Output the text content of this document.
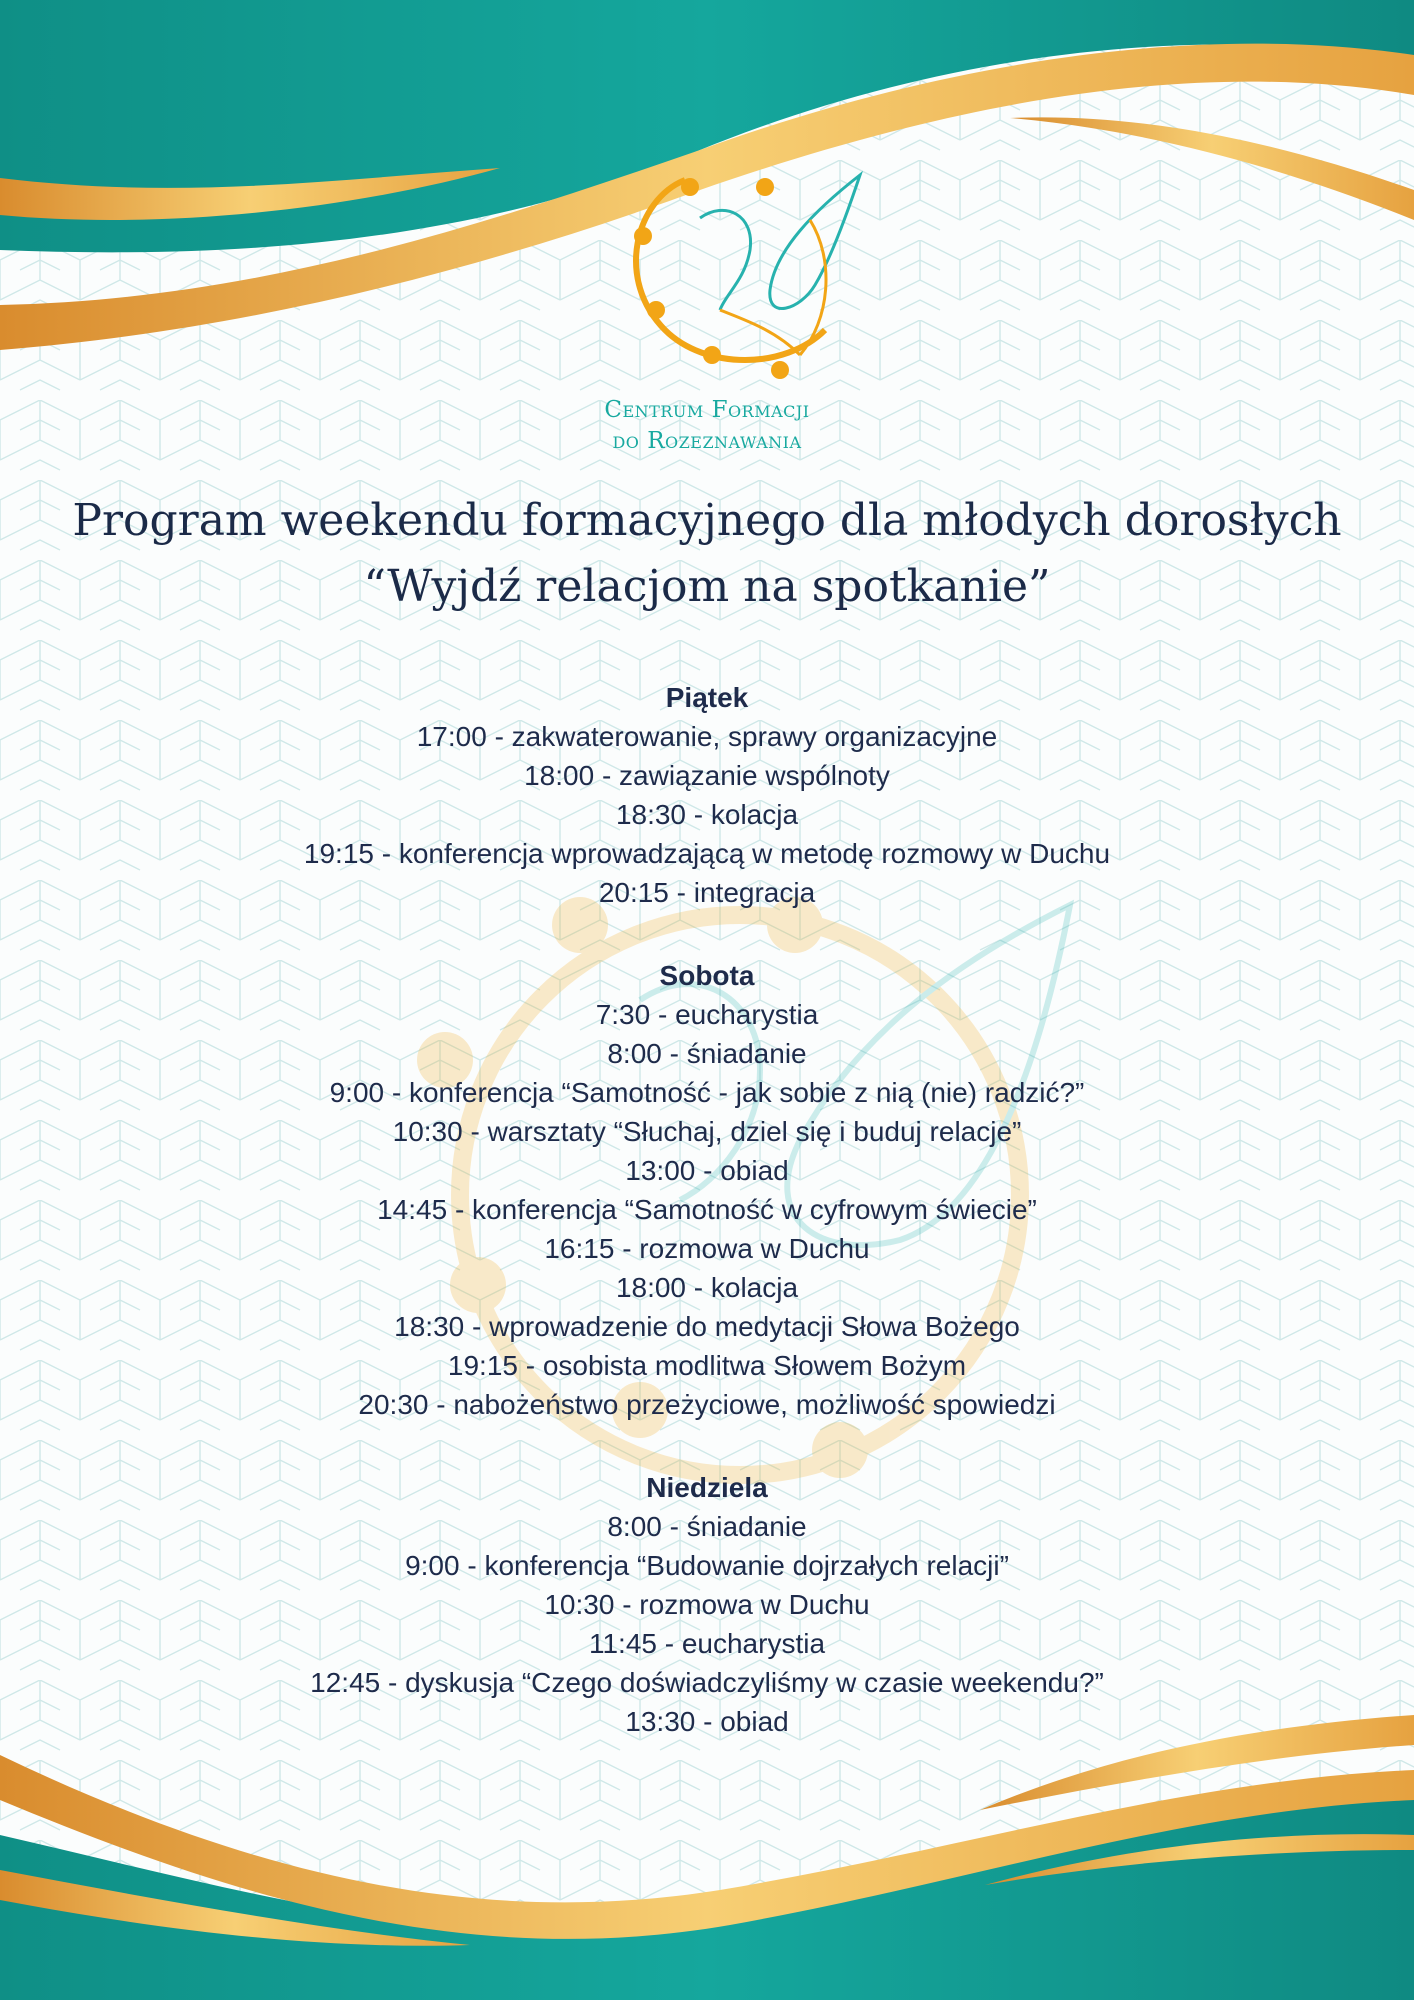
Centrum Formacji
do Rozeznawania
Program weekendu formacyjnego dla młodych dorosłych
“Wyjdź relacjom na spotkanie”
Piątek
17:00 - zakwaterowanie, sprawy organizacyjne
18:00 - zawiązanie wspólnoty
18:30 - kolacja
19:15 - konferencja wprowadzającą w metodę rozmowy w Duchu
20:15 - integracja
Sobota
7:30 - eucharystia
8:00 - śniadanie
9:00 - konferencja “Samotność - jak sobie z nią (nie) radzić?”
10:30 - warsztaty “Słuchaj, dziel się i buduj relacje”
13:00 - obiad
14:45 - konferencja “Samotność w cyfrowym świecie”
16:15 - rozmowa w Duchu
18:00 - kolacja
18:30 - wprowadzenie do medytacji Słowa Bożego
19:15 - osobista modlitwa Słowem Bożym
20:30 - nabożeństwo przeżyciowe, możliwość spowiedzi
Niedziela
8:00 - śniadanie
9:00 - konferencja “Budowanie dojrzałych relacji”
10:30 - rozmowa w Duchu
11:45 - eucharystia
12:45 - dyskusja “Czego doświadczyliśmy w czasie weekendu?”
13:30 - obiad
